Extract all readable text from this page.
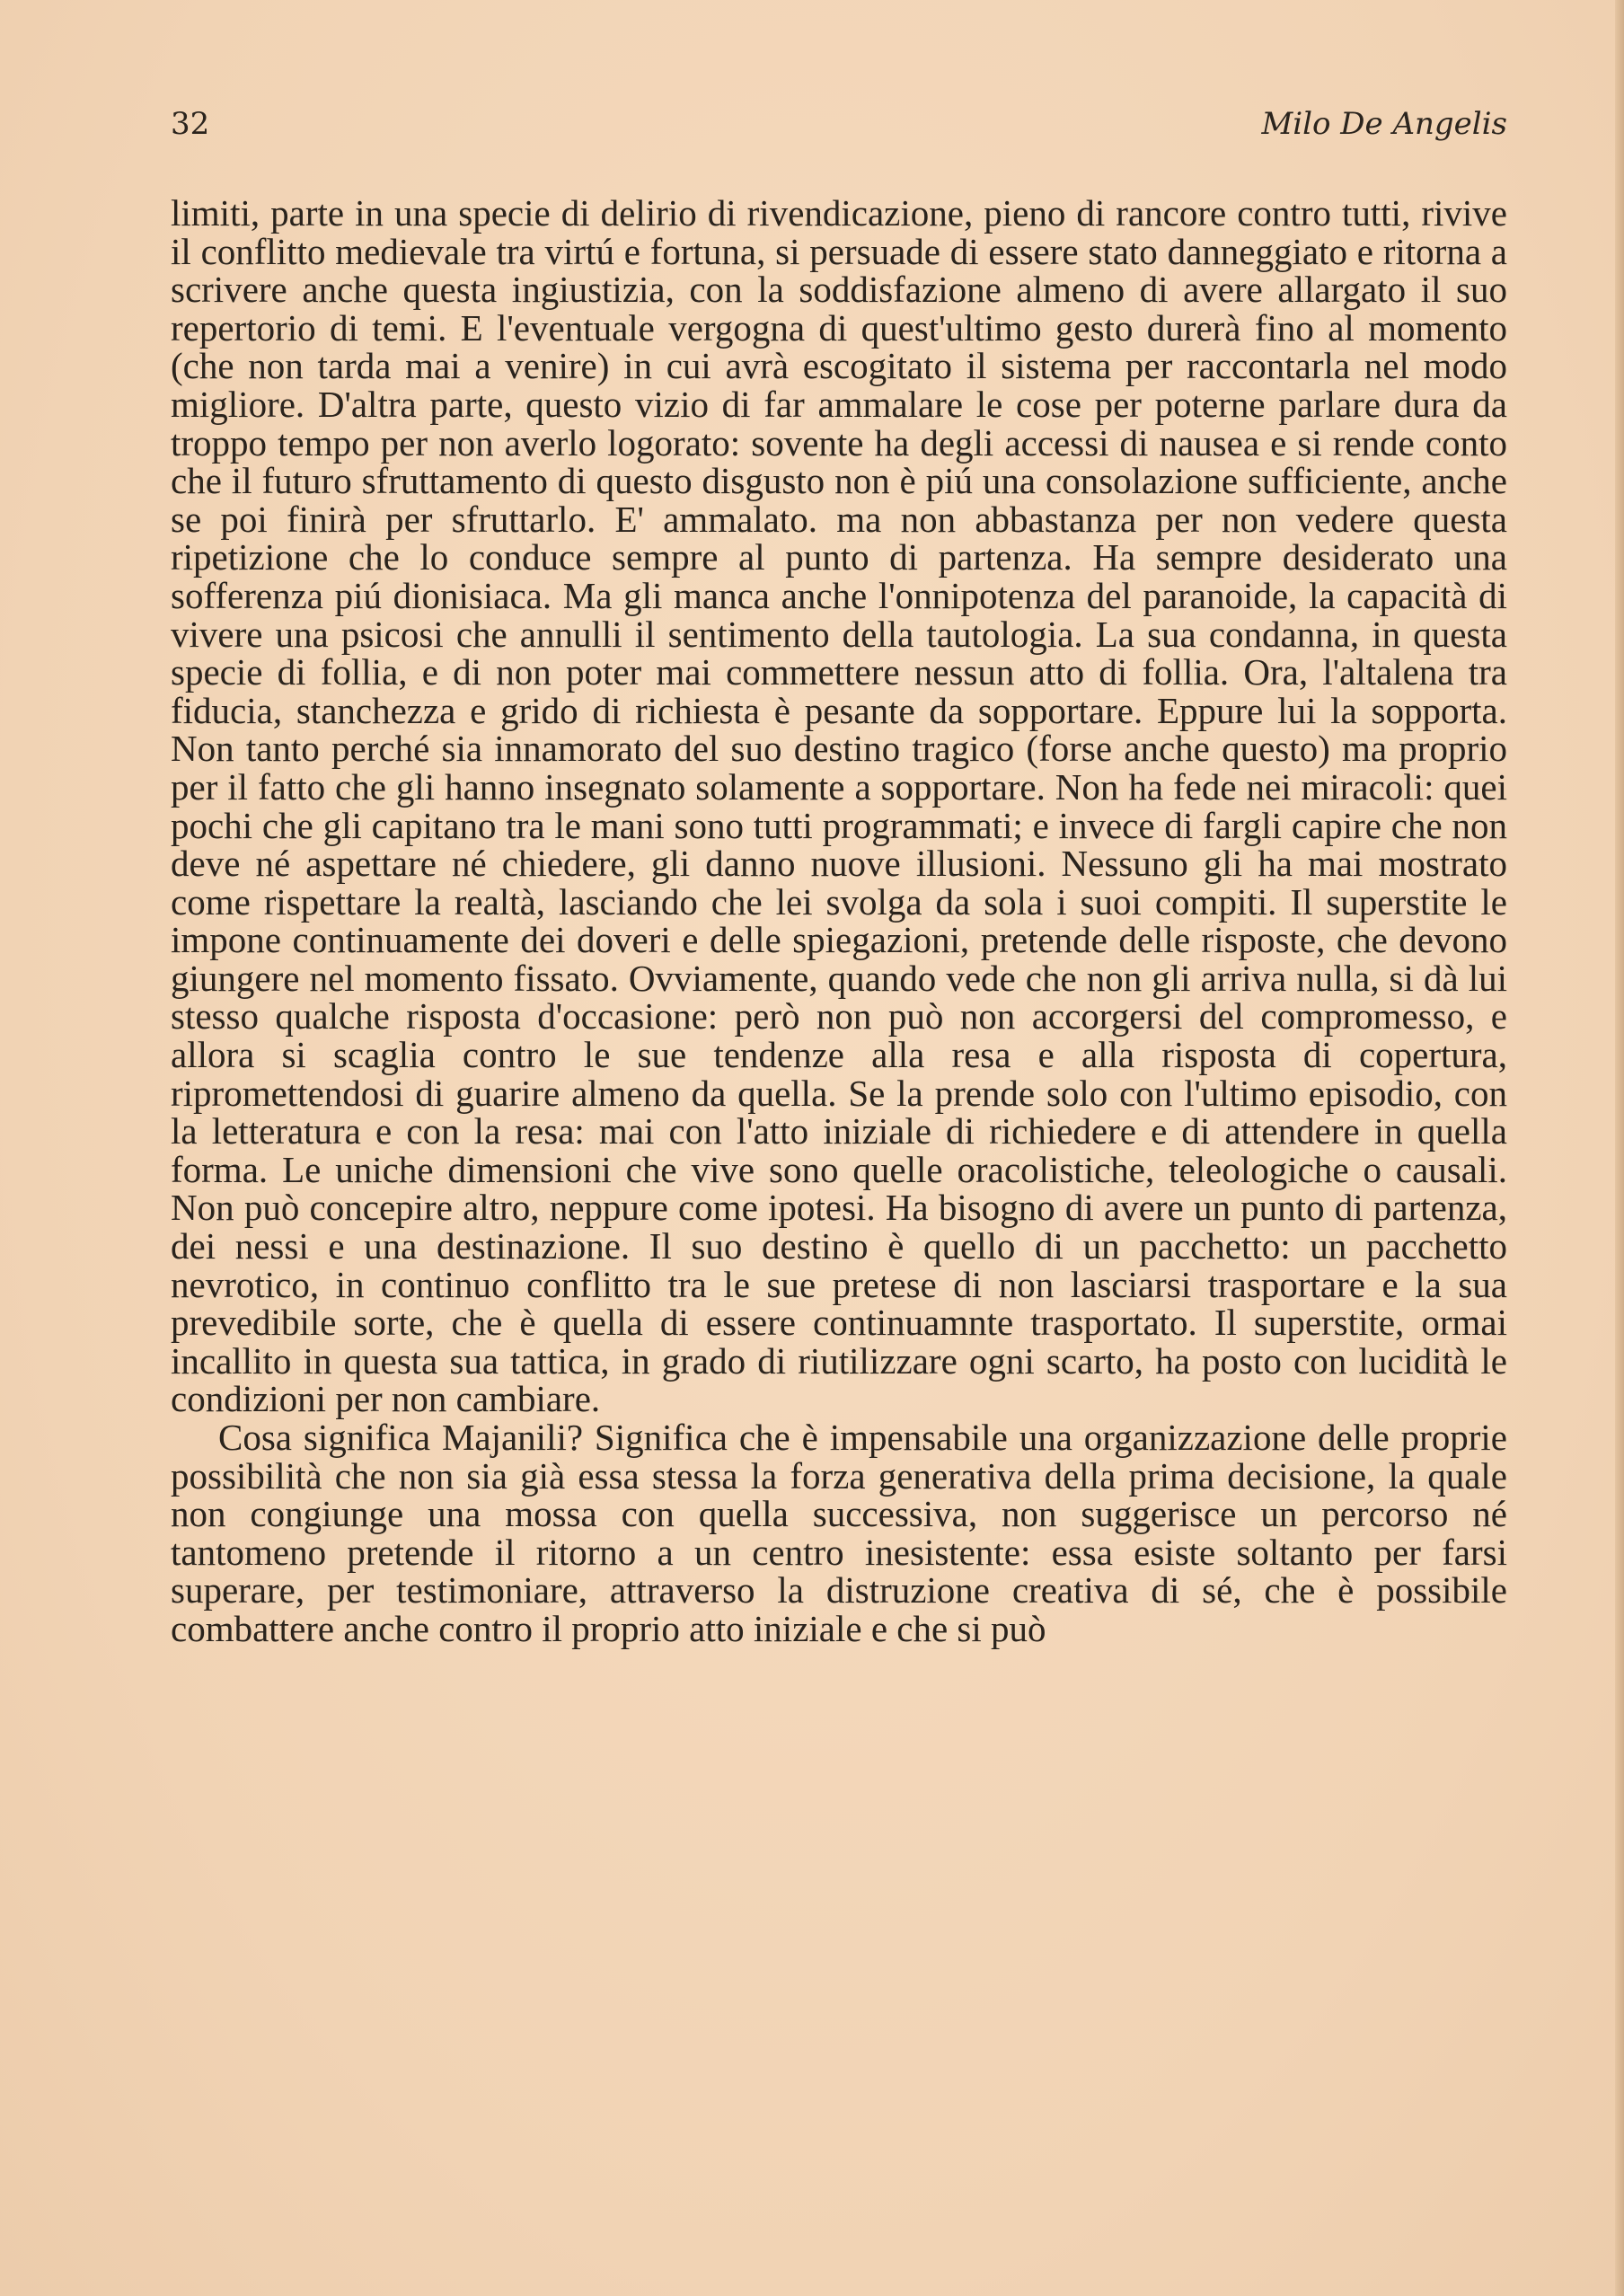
32	Milo De Angelis

limiti, parte in una specie di delirio di rivendicazione, pieno di rancore contro tutti, rivive il conflitto medievale tra virtú e fortuna, si persuade di essere stato danneggiato e ritorna a scrivere anche questa ingiustizia, con la soddisfazione almeno di avere allargato il suo repertorio di temi. E l'eventuale vergogna di quest'ultimo gesto durerà fino al momento (che non tarda mai a venire) in cui avrà escogitato il sistema per raccontarla nel modo migliore. D'altra parte, questo vizio di far ammalare le cose per poterne parlare dura da troppo tempo per non averlo logorato: sovente ha degli accessi di nausea e si rende conto che il futuro sfruttamento di questo disgusto non è piú una consolazione sufficiente, anche se poi finirà per sfruttarlo. E' ammalato. ma non abbastanza per non vedere questa ripetizione che lo conduce sempre al punto di partenza. Ha sempre desiderato una sofferenza piú dionisiaca. Ma gli manca anche l'onnipotenza del paranoide, la capacità di vivere una psicosi che annulli il sentimento della tautologia. La sua condanna, in questa specie di follia, e di non poter mai commettere nessun atto di follia. Ora, l'altalena tra fiducia, stanchezza e grido di richiesta è pesante da sopportare. Eppure lui la sopporta. Non tanto perché sia innamorato del suo destino tragico (forse anche questo) ma proprio per il fatto che gli hanno insegnato solamente a sopportare. Non ha fede nei miracoli: quei pochi che gli capitano tra le mani sono tutti programmati; e invece di fargli capire che non deve né aspettare né chiedere, gli danno nuove illusioni. Nessuno gli ha mai mostrato come rispettare la realtà, lasciando che lei svolga da sola i suoi compiti. Il superstite le impone continuamente dei doveri e delle spiegazioni, pretende delle risposte, che devono giungere nel momento fissato. Ovviamente, quando vede che non gli arriva nulla, si dà lui stesso qualche risposta d'occasione: però non può non accorgersi del compromesso, e allora si scaglia contro le sue tendenze alla resa e alla risposta di copertura, ripromettendosi di guarire almeno da quella. Se la prende solo con l'ultimo episodio, con la letteratura e con la resa: mai con l'atto iniziale di richiedere e di attendere in quella forma. Le uniche dimensioni che vive sono quelle oracolistiche, teleologiche o causali. Non può concepire altro, neppure come ipotesi. Ha bisogno di avere un punto di partenza, dei nessi e una destinazione. Il suo destino è quello di un pacchetto: un pacchetto nevrotico, in continuo conflitto tra le sue pretese di non lasciarsi trasportare e la sua prevedibile sorte, che è quella di essere continuamnte trasportato. Il superstite, ormai incallito in questa sua tattica, in grado di riutilizzare ogni scarto, ha posto con lucidità le condizioni per non cambiare.

Cosa significa Majanili? Significa che è impensabile una organizzazione delle proprie possibilità che non sia già essa stessa la forza generativa della prima decisione, la quale non congiunge una mossa con quella successiva, non suggerisce un percorso né tantomeno pretende il ritorno a un centro inesistente: essa esiste soltanto per farsi superare, per testimoniare, attraverso la distruzione creativa di sé, che è possibile combattere anche contro il proprio atto iniziale e che si può
